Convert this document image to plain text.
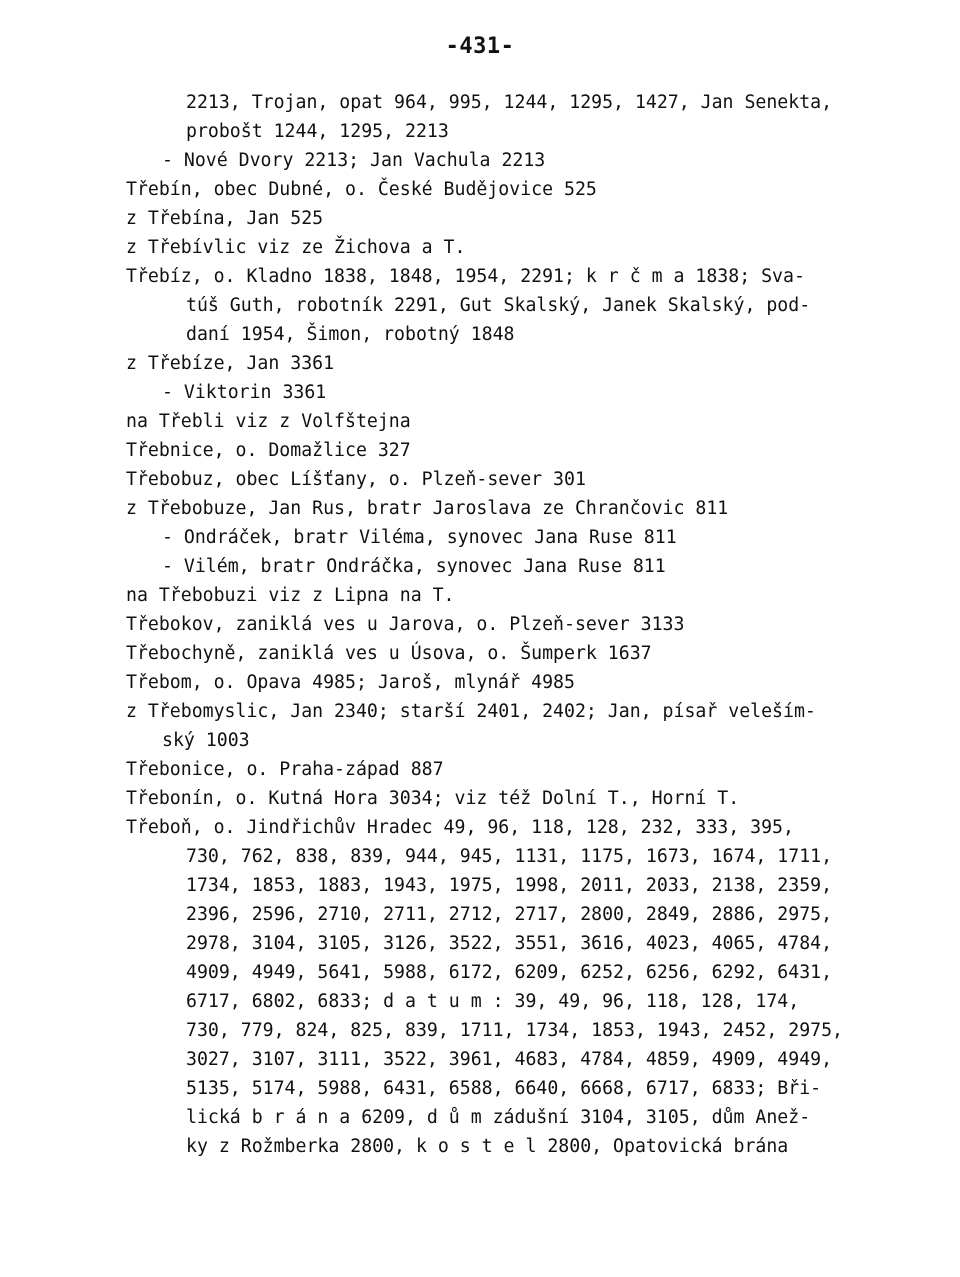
-431-
2213, Trojan, opat 964, 995, 1244, 1295, 1427, Jan Senekta,
probošt 1244, 1295, 2213
- Nové Dvory 2213; Jan Vachula 2213
Třebín, obec Dubné, o. České Budějovice 525
z Třebína, Jan 525
z Třebívlic viz ze Žichova a T.
Třebíz, o. Kladno 1838, 1848, 1954, 2291; k r č m a 1838; Sva-
túš Guth, robotník 2291, Gut Skalský, Janek Skalský, pod-
daní 1954, Šimon, robotný 1848
z Třebíze, Jan 3361
- Viktorin 3361
na Třebli viz z Volfštejna
Třebnice, o. Domažlice 327
Třebobuz, obec Líšťany, o. Plzeň-sever 301
z Třebobuze, Jan Rus, bratr Jaroslava ze Chrančovic 811
- Ondráček, bratr Viléma, synovec Jana Ruse 811
- Vilém, bratr Ondráčka, synovec Jana Ruse 811
na Třebobuzi viz z Lipna na T.
Třebokov, zaniklá ves u Jarova, o. Plzeň-sever 3133
Třebochyně, zaniklá ves u Úsova, o. Šumperk 1637
Třebom, o. Opava 4985; Jaroš, mlynář 4985
z Třebomyslic, Jan 2340; starší 2401, 2402; Jan, písař veleším-
ský 1003
Třebonice, o. Praha-západ 887
Třebonín, o. Kutná Hora 3034; viz též Dolní T., Horní T.
Třeboň, o. Jindřichův Hradec 49, 96, 118, 128, 232, 333, 395,
730, 762, 838, 839, 944, 945, 1131, 1175, 1673, 1674, 1711,
1734, 1853, 1883, 1943, 1975, 1998, 2011, 2033, 2138, 2359,
2396, 2596, 2710, 2711, 2712, 2717, 2800, 2849, 2886, 2975,
2978, 3104, 3105, 3126, 3522, 3551, 3616, 4023, 4065, 4784,
4909, 4949, 5641, 5988, 6172, 6209, 6252, 6256, 6292, 6431,
6717, 6802, 6833; d a t u m : 39, 49, 96, 118, 128, 174,
730, 779, 824, 825, 839, 1711, 1734, 1853, 1943, 2452, 2975,
3027, 3107, 3111, 3522, 3961, 4683, 4784, 4859, 4909, 4949,
5135, 5174, 5988, 6431, 6588, 6640, 6668, 6717, 6833; Bři-
lická b r á n a 6209, d ů m zádušní 3104, 3105, dům Anež-
ky z Rožmberka 2800, k o s t e l 2800, Opatovická brána
